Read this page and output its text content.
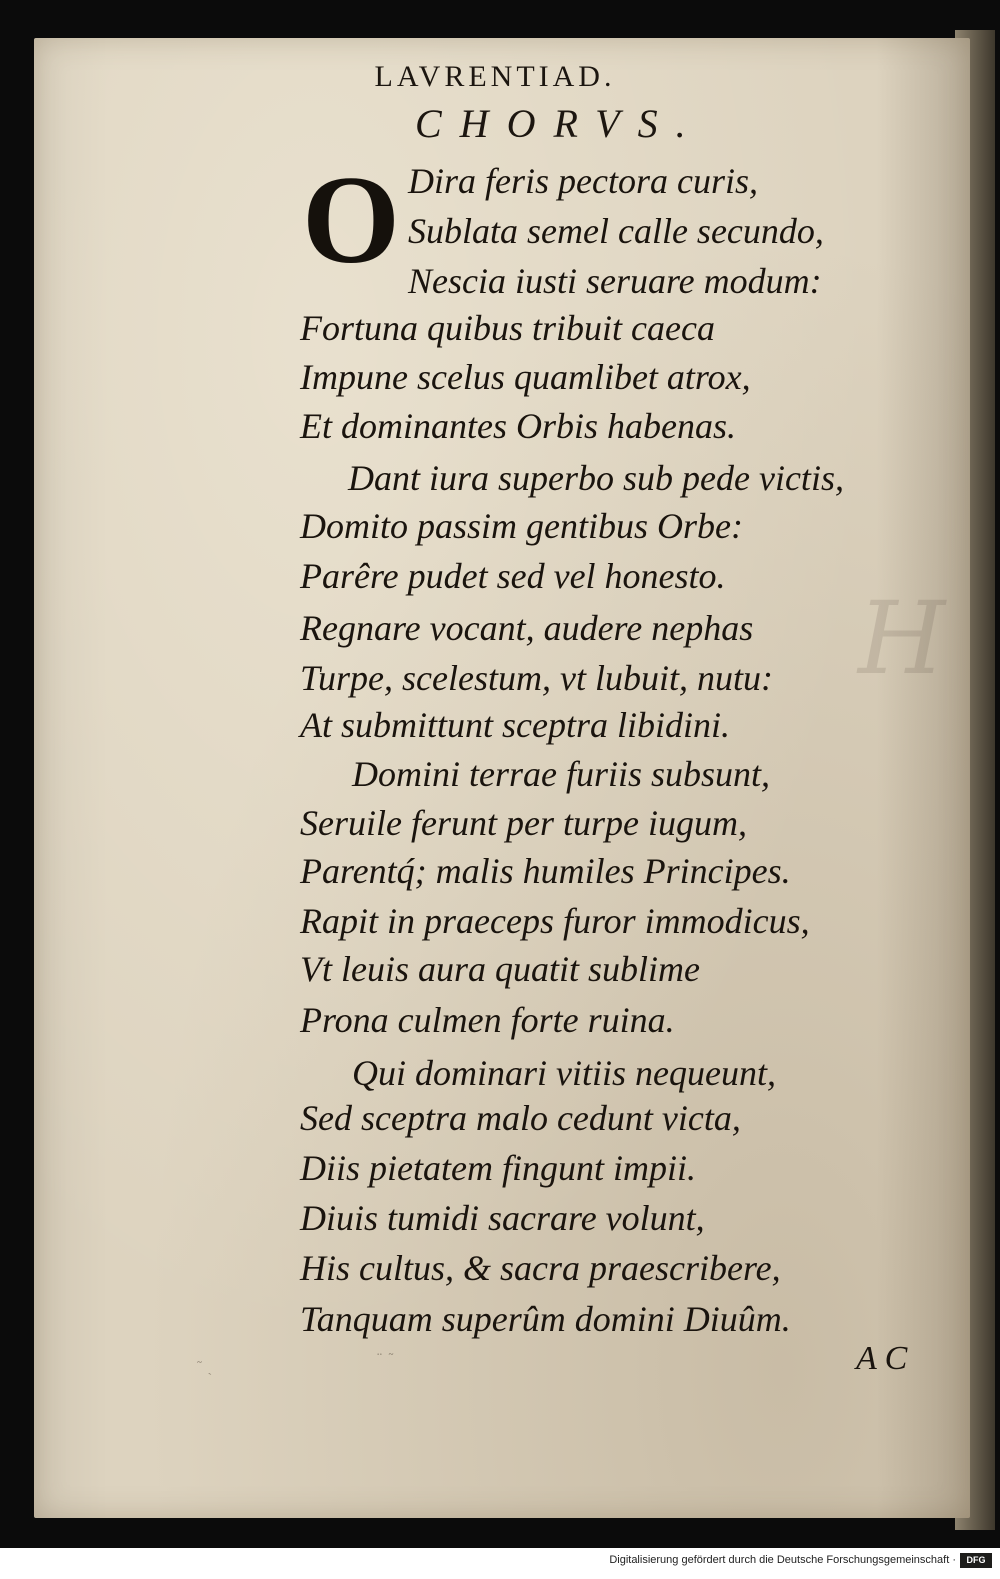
H
LAVRENTIAD.
CHORVS.
O Dira feris pectora curis,
Sublata semel calle secundo,
Nescia iusti seruare modum:
Fortuna quibus tribuit caeca
Impune scelus quamlibet atrox,
Et dominantes Orbis habenas.
Dant iura superbo sub pede victis,
Domito passim gentibus Orbe:
Parêre pudet sed vel honesto.
Regnare vocant, audere nephas
Turpe, scelestum, vt lubuit, nutu:
At submittunt sceptra libidini.
Domini terrae furiis subsunt,
Seruile ferunt per turpe iugum,
Parentq́; malis humiles Principes.
Rapit in praeceps furor immodicus,
Vt leuis aura quatit sublime
Prona culmen forte ruina.
Qui dominari vitiis nequeunt,
Sed sceptra malo cedunt victa,
Diis pietatem fingunt impii.
Diuis tumidi sacrare volunt,
His cultus, & sacra praescribere,
Tanquam superûm domini Diuûm.
A C
˜ ˏ	¨ ˜
Digitalisierung gefördert durch die Deutsche Forschungsgemeinschaft ·	DFG
